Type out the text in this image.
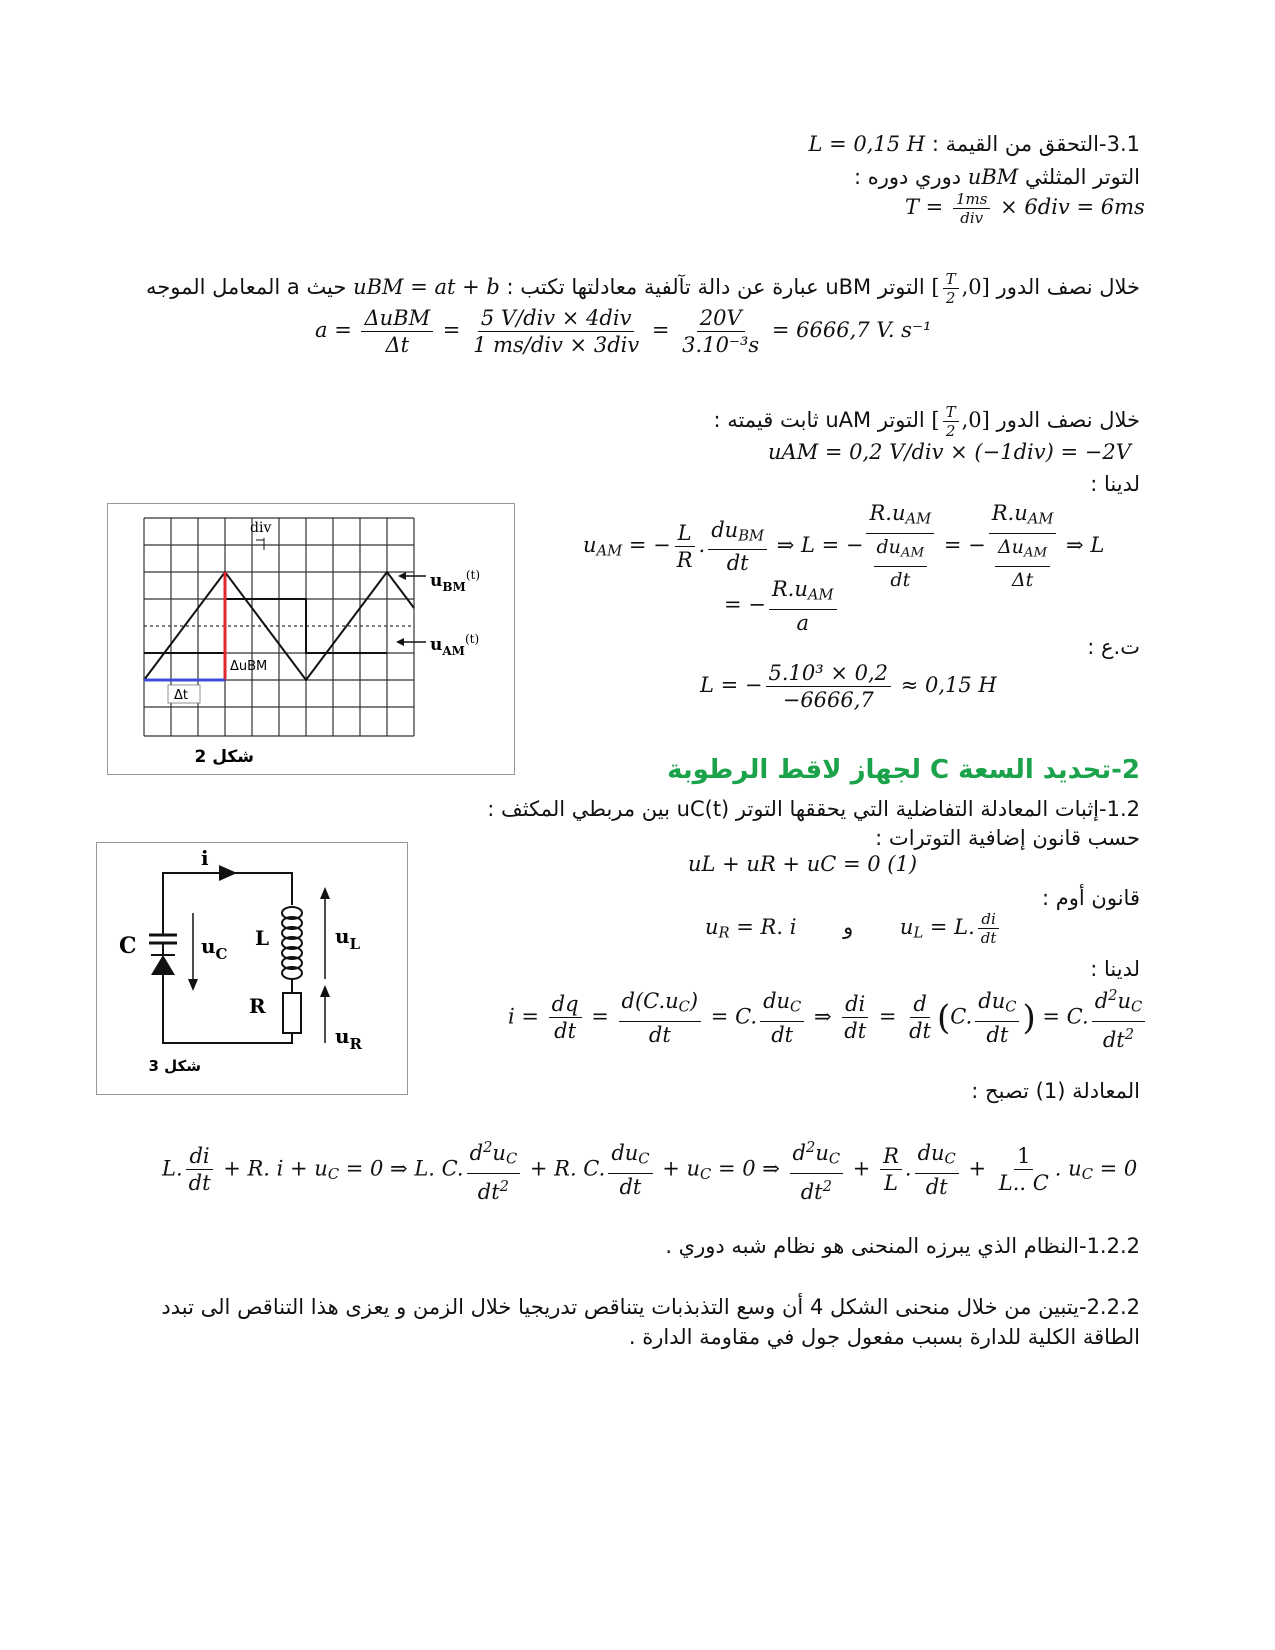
3.1-التحقق من القيمة : L = 0,15 H
التوتر المثلثي uBM دوري دوره :
$T = \frac{1ms}{\text{div}} \times 6div = 6ms$
خلال نصف الدور [0,
$\frac{T}{2}$
] التوتر uBM عبارة عن دالة تآلفية معادلتها تكتب : uBM = at + b حيث a المعامل الموجه
$a = \frac{\text{ΔuBM}}{\Delta t} = \frac{\text{5 V/div × 4div}}{\text{1 ms/div × 3div}} = \frac{20V}{\text{3.10⁻³s}} = 6666,7$ V. s⁻¹
خلال نصف الدور [0,
$\frac{T}{2}$
] التوتر uAM ثابت قيمته :
uAM = 0,2 V/div × (−1div) = −2V
لدينا :
$u_{AM}$ = − $\frac{L}{R}$ . $\frac{du_{BM}}{dt}$ ⇒ L = − $\frac{R.u_{AM}}{\frac{du_{AM}}{dt}}$ = − $\frac{R.u_{AM}}{\frac{\Delta u_{AM}}{\Delta t}}$ ⇒ L
= − $\frac{R.u_{AM}}{a}$
ت.ع :
L = − $\frac{\text{5.10³ × 0,2}}{-6666,7} \approx 0,15$ H
div
ΔuBM
Δt
$u_{BM}^{(t)}$
$u_{AM}^{(t)}$
شكل 2	2-تحديد السعة C لجهاز لاقط الرطوبة
1.2-إثبات المعادلة التفاضلية التي يحققها التوتر uC(t) بين مربطي المكثف :
حسب قانون إضافية التوترات :
uL + uR + uC = 0 (1)
قانون أوم :
$u_R = R$. i و $u_L = L$. $\frac{di}{dt}$
لدينا :
$i = \frac{dq}{dt} = \frac{d(C.u_C)}{dt} = C$. $\frac{du_C}{dt}$ ⇒ $\frac{di}{dt} = \frac{d}{dt} (C$. $\frac{du_C}{dt}$ ) = C. $\frac{d^2u_C}{dt^2}$
المعادلة (1) تصبح :
L. $\frac{di}{dt} + R$. $i + u_C = 0$ ⇒ L. C. $\frac{d^2u_C}{dt^2} + R$. C. $\frac{du_C}{dt} + u_C = 0$ ⇒ $\frac{d^2u_C}{dt^2} + \frac{R}{L}$ . $\frac{du_C}{dt} + \frac{1}{L.. C}$ . $u_C = 0$
1.2.2-النظام الذي يبرزه المنحنى هو نظام شبه دوري .
2.2.2-يتبين من خلال منحنى الشكل 4 أن وسع التذبذبات يتناقص تدريجيا خلال الزمن و يعزى هذا التناقص الى تبدد الطاقة الكلية للدارة بسبب مفعول جول في مقاومة الدارة .
i
C	$u_C$
L
R
$u_L$
$u_R$
شكل 3
